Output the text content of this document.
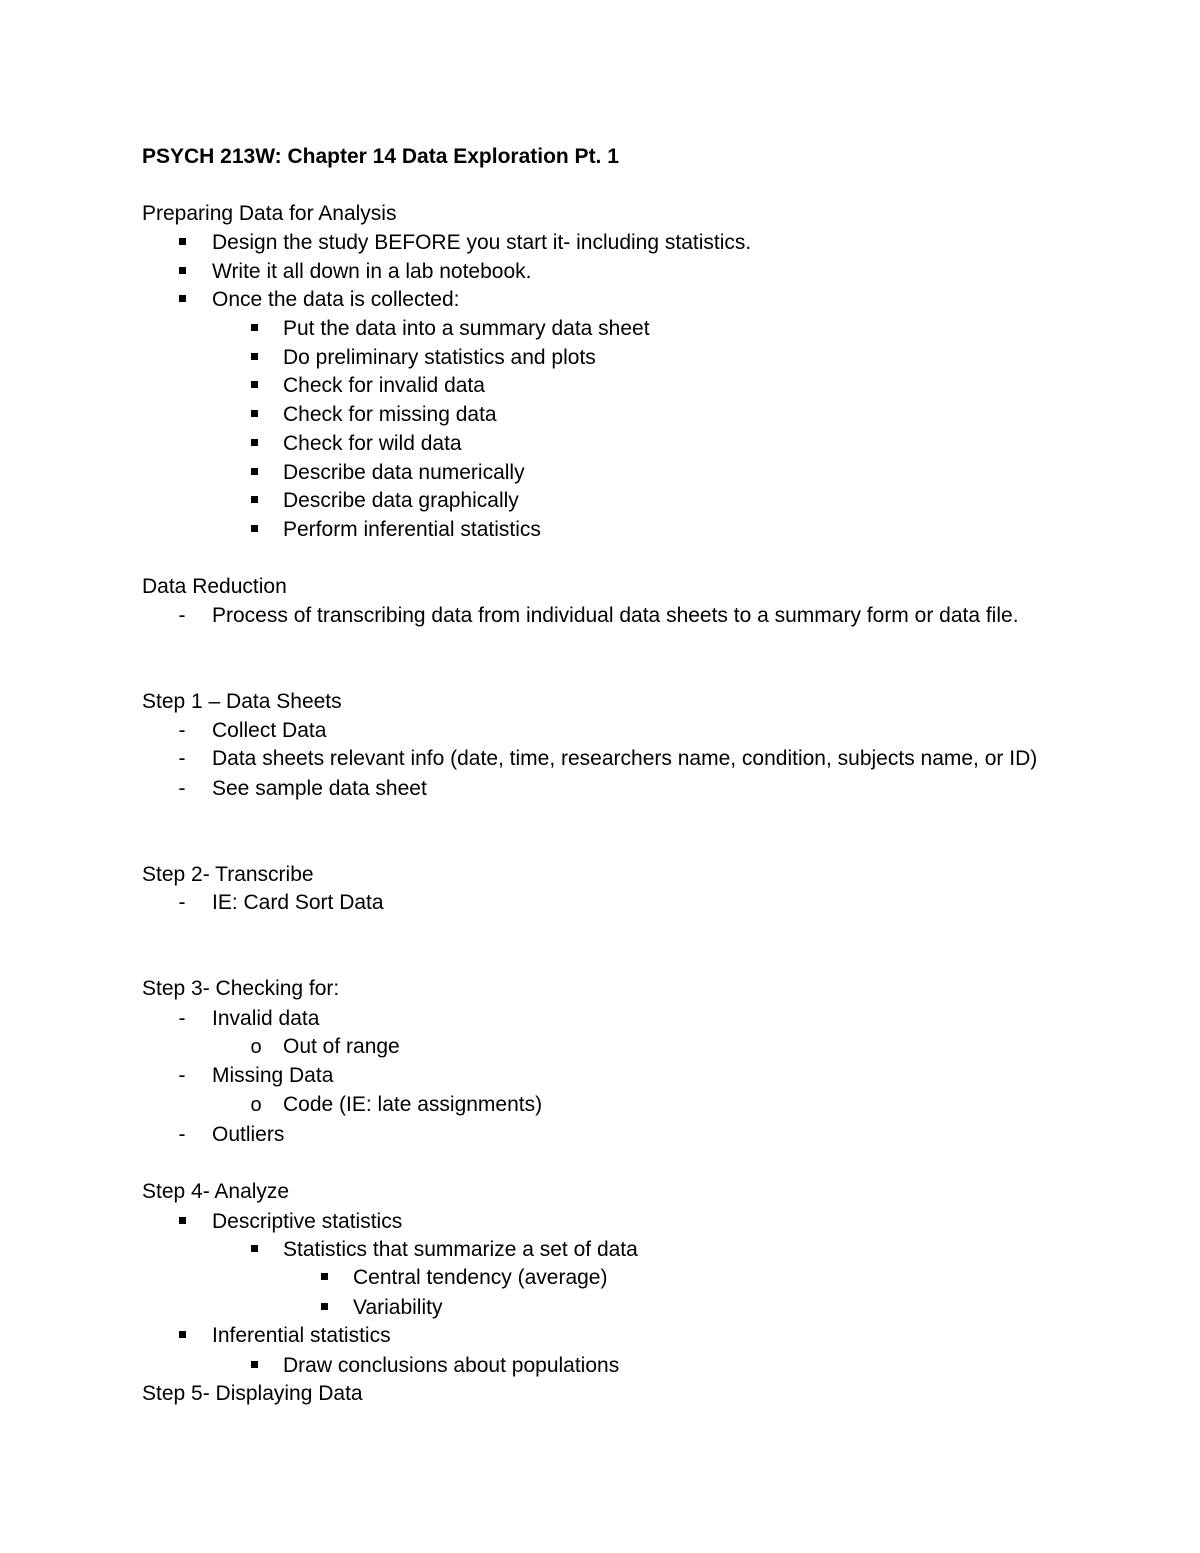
PSYCH 213W: Chapter 14 Data Exploration Pt. 1
Preparing Data for Analysis
Design the study BEFORE you start it- including statistics.
Write it all down in a lab notebook.
Once the data is collected:
Put the data into a summary data sheet
Do preliminary statistics and plots
Check for invalid data
Check for missing data
Check for wild data
Describe data numerically
Describe data graphically
Perform inferential statistics
Data Reduction
-	Process of transcribing data from individual data sheets to a summary form or data file.
Step 1 – Data Sheets
-	Collect Data
-	Data sheets relevant info (date, time, researchers name, condition, subjects name, or ID)
-	See sample data sheet
Step 2- Transcribe
-	IE: Card Sort Data
Step 3- Checking for:
-	Invalid data
o	Out of range
-	Missing Data
o	Code (IE: late assignments)
-	Outliers
Step 4- Analyze
Descriptive statistics
Statistics that summarize a set of data
Central tendency (average)
Variability
Inferential statistics
Draw conclusions about populations
Step 5- Displaying Data
